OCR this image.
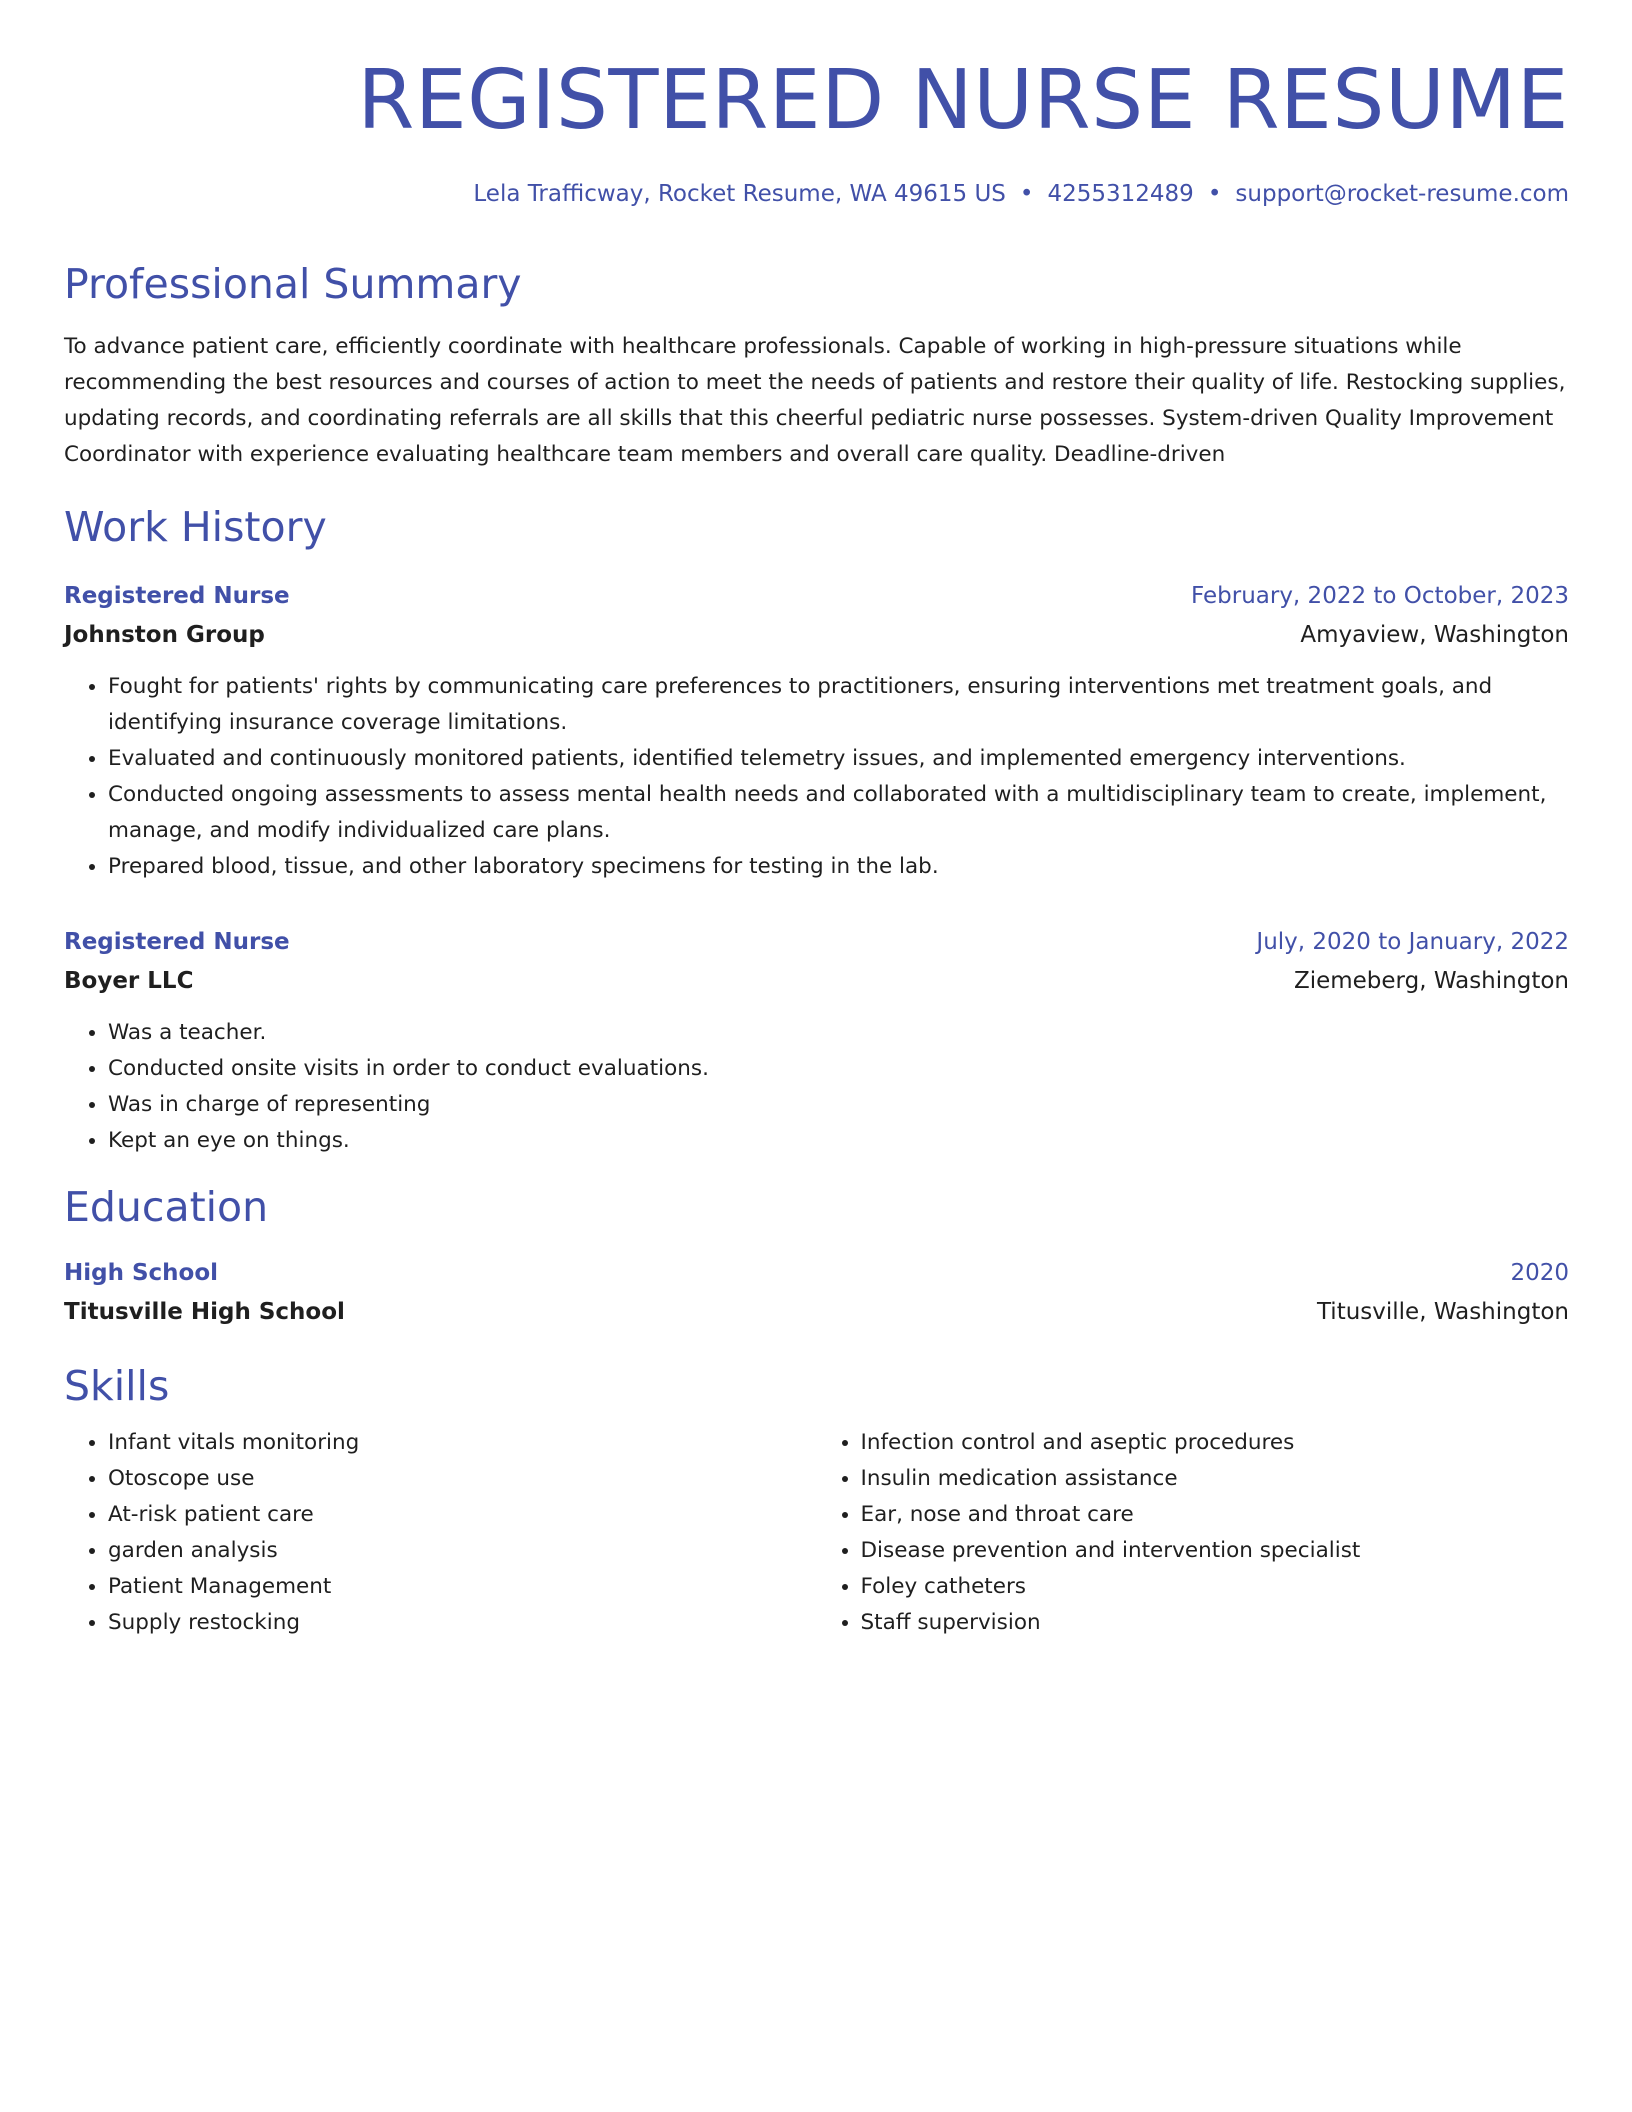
REGISTERED NURSE RESUME
Lela Trafficway, Rocket Resume, WA 49615 US • 4255312489 • support@rocket-resume.com
Professional Summary
To advance patient care, efficiently coordinate with healthcare professionals. Capable of working in high-pressure situations while recommending the best resources and courses of action to meet the needs of patients and restore their quality of life. Restocking supplies, updating records, and coordinating referrals are all skills that this cheerful pediatric nurse possesses. System-driven Quality Improvement Coordinator with experience evaluating healthcare team members and overall care quality. Deadline-driven
Work History
Registered Nurse	February, 2022 to October, 2023
Johnston Group	Amyaview, Washington
• Fought for patients' rights by communicating care preferences to practitioners, ensuring interventions met treatment goals, and identifying insurance coverage limitations.
• Evaluated and continuously monitored patients, identified telemetry issues, and implemented emergency interventions.
• Conducted ongoing assessments to assess mental health needs and collaborated with a multidisciplinary team to create, implement, manage, and modify individualized care plans.
• Prepared blood, tissue, and other laboratory specimens for testing in the lab.
Registered Nurse	July, 2020 to January, 2022
Boyer LLC	Ziemeberg, Washington
• Was a teacher.
• Conducted onsite visits in order to conduct evaluations.
• Was in charge of representing
• Kept an eye on things.
Education
High School	2020
Titusville High School	Titusville, Washington
Skills
• Infant vitals monitoring
• Otoscope use
• At-risk patient care
• garden analysis
• Patient Management
• Supply restocking
• Infection control and aseptic procedures
• Insulin medication assistance
• Ear, nose and throat care
• Disease prevention and intervention specialist
• Foley catheters
• Staff supervision
